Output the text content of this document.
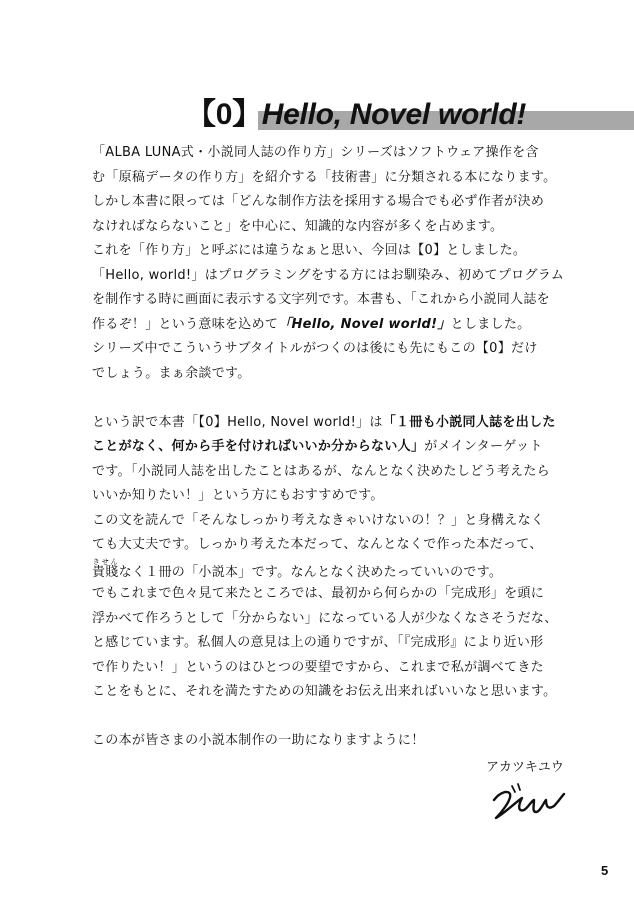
【0】Hello, Novel world!
「ALBA LUNA式・小説同人誌の作り方」シリーズはソフトウェア操作を含
む「原稿データの作り方」を紹介する「技術書」に分類される本になります。
しかし本書に限っては「どんな制作方法を採用する場合でも必ず作者が決め
なければならないこと」を中心に、知識的な内容が多くを占めます。
これを「作り方」と呼ぶには違うなぁと思い、今回は【0】としました。
「Hello, world!」はプログラミングをする方にはお馴染み、初めてプログラム
を制作する時に画面に表示する文字列です。本書も、「これから小説同人誌を
作るぞ！」という意味を込めて「Hello, Novel world!」としました。
シリーズ中でこういうサブタイトルがつくのは後にも先にもこの【0】だけ
でしょう。まぁ余談です。
という訳で本書「【0】Hello, Novel world!」は「１冊も小説同人誌を出した
ことがなく、何から手を付ければいいか分からない人」がメインターゲット
です。「小説同人誌を出したことはあるが、なんとなく決めたしどう考えたら
いいか知りたい！」という方にもおすすめです。
この文を読んで「そんなしっかり考えなきゃいけないの！？」と身構えなく
ても大丈夫です。しっかり考えた本だって、なんとなくで作った本だって、
貴賤きせんなく１冊の「小説本」です。なんとなく決めたっていいのです。
でもこれまで色々見て来たところでは、最初から何らかの「完成形」を頭に
浮かべて作ろうとして「分からない」になっている人が少なくなさそうだな、
と感じています。私個人の意見は上の通りですが、「『完成形』により近い形
で作りたい！」というのはひとつの要望ですから、これまで私が調べてきた
ことをもとに、それを満たすための知識をお伝え出来ればいいなと思います。
この本が皆さまの小説本制作の一助になりますように！
アカツキユウ
5
